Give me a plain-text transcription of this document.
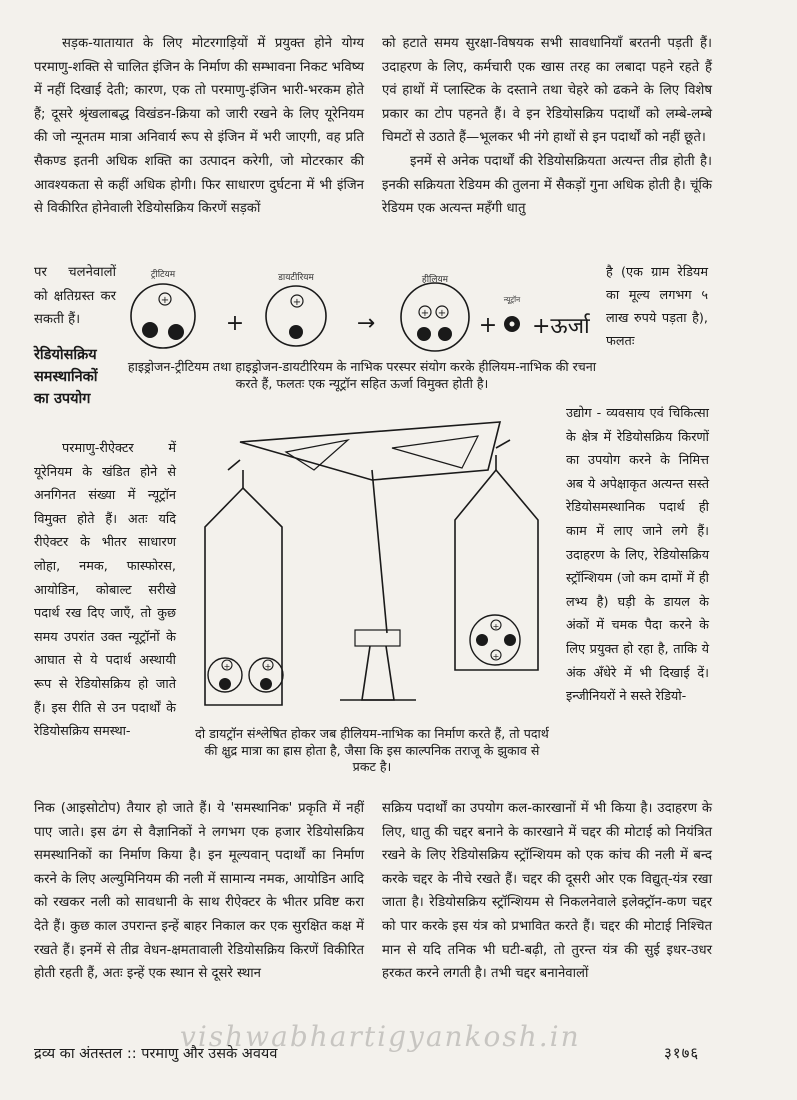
सड़क-यातायात के लिए मोटरगाड़ियों में प्रयुक्त होने योग्य परमाणु-शक्ति से चालित इंजिन के निर्माण की सम्भावना निकट भविष्य में नहीं दिखाई देती; कारण, एक तो परमाणु-इंजिन भारी-भरकम होते हैं; दूसरे श्रृंखलाबद्ध विखंडन-क्रिया को जारी रखने के लिए यूरेनियम की जो न्यूनतम मात्रा अनिवार्य रूप से इंजिन में भरी जाएगी, वह प्रति सैकण्ड इतनी अधिक शक्ति का उत्पादन करेगी, जो मोटरकार की आवश्यकता से कहीं अधिक होगी। फिर साधारण दुर्घटना में भी इंजिन से विकीरित होनेवाली रेडियोसक्रिय किरणें सड़कों

को हटाते समय सुरक्षा-विषयक सभी सावधानियाँ बरतनी पड़ती हैं। उदाहरण के लिए, कर्मचारी एक खास तरह का लबादा पहने रहते हैं एवं हाथों में प्लास्टिक के दस्ताने तथा चेहरे को ढकने के लिए विशेष प्रकार का टोप पहनते हैं। वे इन रेडियोसक्रिय पदार्थों को लम्बे-लम्बे चिमटों से उठाते हैं—भूलकर भी नंगे हाथों से इन पदार्थों को नहीं छूते।

इनमें से अनेक पदार्थों की रेडियोसक्रियता अत्यन्त तीव्र होती है। इनकी सक्रियता रेडियम की तुलना में सैकड़ों गुना अधिक होती है। चूंकि रेडियम एक अत्यन्त महँगी धातु

पर चलनेवालों को क्षतिग्रस्त कर सकती हैं।

रेडियोसक्रिय समस्थानिकों का उपयोग

है (एक ग्राम रेडियम का मूल्य लगभग ५ लाख रुपये पड़ता है), फलतः

उद्योग - व्यवसाय एवं चिकित्सा के क्षेत्र में रेडियोसक्रिय किरणों का उपयोग करने के निमित्त अब ये अपेक्षाकृत अत्यन्त सस्ते रेडियोसमस्थानिक पदार्थ ही काम में लाए जाने लगे हैं। उदाहरण के लिए, रेडियोसक्रिय स्ट्रॉन्शियम (जो कम दामों में ही लभ्य है) घड़ी के डायल के अंकों में चमक पैदा करने के लिए प्रयुक्त हो रहा है, ताकि ये अंक अँधेरे में भी दिखाई दें। इन्जीनियरों ने सस्ते रेडियो-

परमाणु-रीऐक्टर में यूरेनियम के खंडित होने से अनगिनत संख्या में न्यूट्रॉन विमुक्त होते हैं। अतः यदि रीऐक्टर के भीतर साधारण लोहा, नमक, फास्फोरस, आयोडिन, कोबाल्ट सरीखे पदार्थ रख दिए जाएँ, तो कुछ समय उपरांत उक्त न्यूट्रॉनों के आघात से ये पदार्थ अस्थायी रूप से रेडियोसक्रिय हो जाते हैं। इस रीति से उन पदार्थों के रेडियोसक्रिय समस्था-

+	+
+ +
ट्रीटियम	डायटीरियम	हीलियम
न्यूट्रॉन
+	→	+ +ऊर्जा
+	+
+
+
हाइड्रोजन-ट्रीटियम तथा हाइड्रोजन-डायटीरियम के नाभिक परस्पर संयोग करके हीलियम-नाभिक की रचना करते हैं, फलतः एक न्यूट्रॉन सहित ऊर्जा विमुक्त होती है।
दो डायट्रॉन संश्लेषित होकर जब हीलियम-नाभिक का निर्माण करते हैं, तो पदार्थ की क्षुद्र मात्रा का ह्रास होता है, जैसा कि इस काल्पनिक तराजू के झुकाव से प्रकट है।

निक (आइसोटोप) तैयार हो जाते हैं। ये 'समस्थानिक' प्रकृति में नहीं पाए जाते। इस ढंग से वैज्ञानिकों ने लगभग एक हजार रेडियोसक्रिय समस्थानिकों का निर्माण किया है। इन मूल्यवान् पदार्थों का निर्माण करने के लिए अल्युमिनियम की नली में सामान्य नमक, आयोडिन आदि को रखकर नली को सावधानी के साथ रीऐक्टर के भीतर प्रविष्ट करा देते हैं। कुछ काल उपरान्त इन्हें बाहर निकाल कर एक सुरक्षित कक्ष में रखते हैं। इनमें से तीव्र वेधन-क्षमतावाली रेडियोसक्रिय किरणें विकीरित होती रहती हैं, अतः इन्हें एक स्थान से दूसरे स्थान

सक्रिय पदार्थों का उपयोग कल-कारखानों में भी किया है। उदाहरण के लिए, धातु की चद्दर बनाने के कारखाने में चद्दर की मोटाई को नियंत्रित रखने के लिए रेडियोसक्रिय स्ट्रॉन्शियम को एक कांच की नली में बन्द करके चद्दर के नीचे रखते हैं। चद्दर की दूसरी ओर एक विद्युत्-यंत्र रखा जाता है। रेडियोसक्रिय स्ट्रॉन्शियम से निकलनेवाले इलेक्ट्रॉन-कण चद्दर को पार करके इस यंत्र को प्रभावित करते हैं। चद्दर की मोटाई निश्चित मान से यदि तनिक भी घटी-बढ़ी, तो तुरन्त यंत्र की सुई इधर-उधर हरकत करने लगती है। तभी चद्दर बनानेवालों

vishwabhartigyankosh.in
द्रव्य का अंतस्तल :: परमाणु और उसके अवयव	३१७६
